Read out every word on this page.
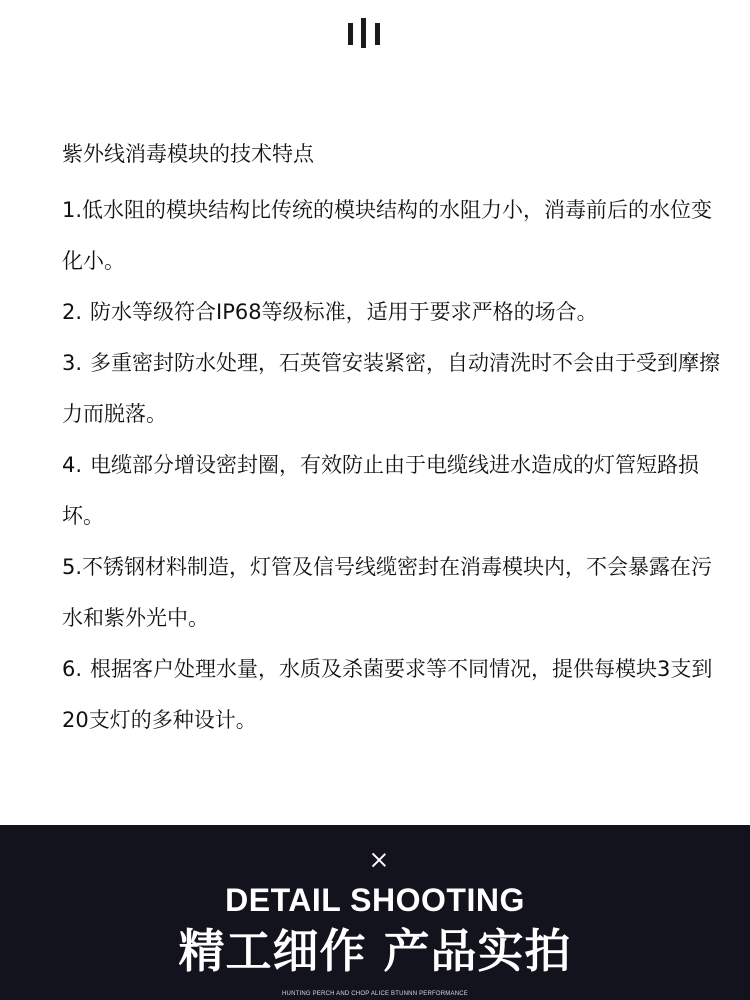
紫外线消毒模块的技术特点

1.低水阻的模块结构比传统的模块结构的水阻力小，消毒前后的水位变化小。

2. 防水等级符合IP68等级标准，适用于要求严格的场合。

3. 多重密封防水处理，石英管安装紧密，自动清洗时不会由于受到摩擦力而脱落。

4. 电缆部分增设密封圈，有效防止由于电缆线进水造成的灯管短路损坏。

5.不锈钢材料制造，灯管及信号线缆密封在消毒模块内，不会暴露在污水和紫外光中。

6. 根据客户处理水量，水质及杀菌要求等不同情况，提供每模块3支到20支灯的多种设计。

DETAIL SHOOTING
精工细作 产品实拍
HUNTING PERCH AND CHOP ALICE BTUNNN PERFORMANCE
